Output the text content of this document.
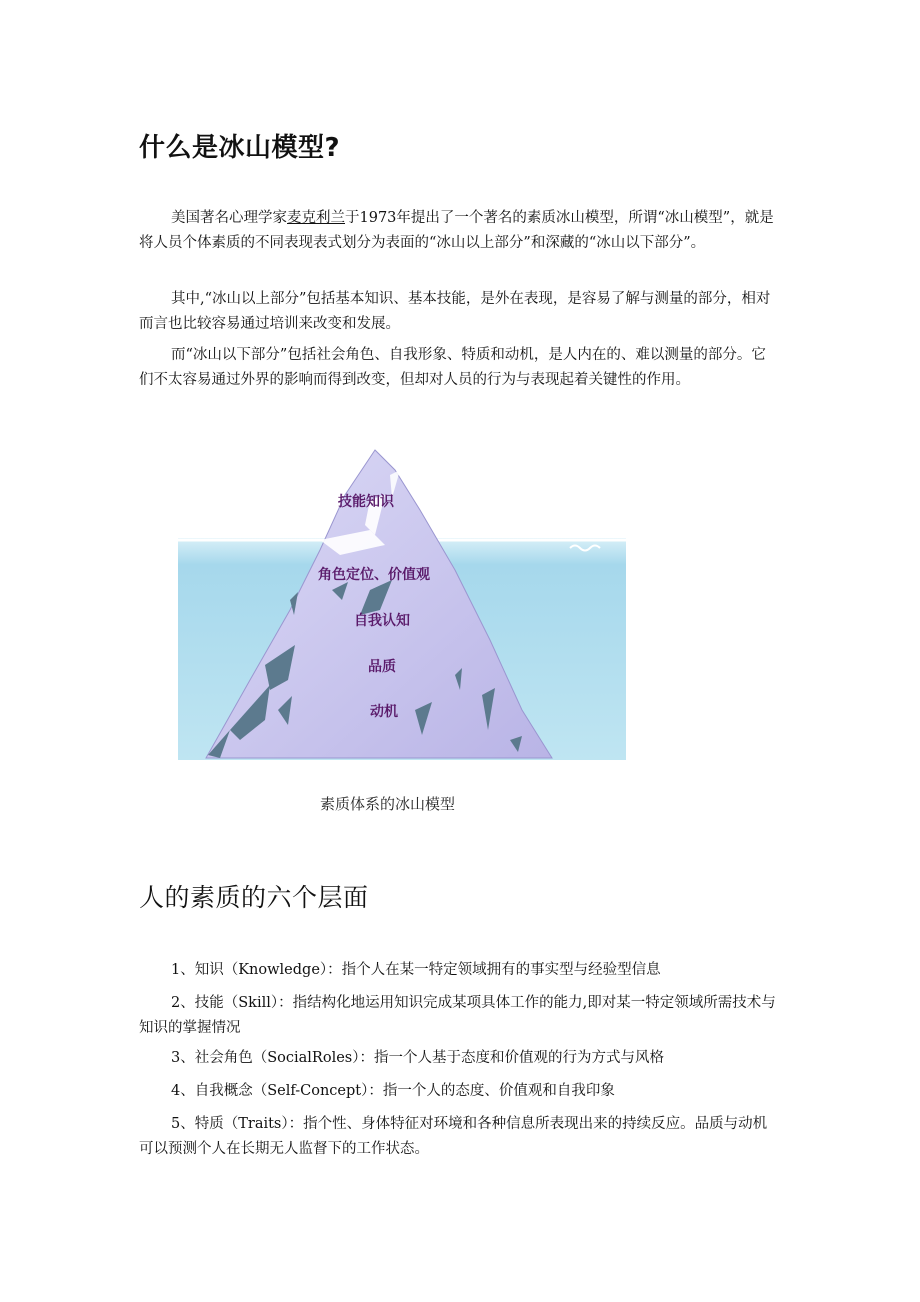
什么是冰山模型?

美国著名心理学家麦克利兰于1973年提出了一个著名的素质冰山模型，所谓“冰山模型”，就是将人员个体素质的不同表现表式划分为表面的“冰山以上部分”和深藏的“冰山以下部分”。

其中,“冰山以上部分”包括基本知识、基本技能，是外在表现，是容易了解与测量的部分，相对而言也比较容易通过培训来改变和发展。

而“冰山以下部分”包括社会角色、自我形象、特质和动机，是人内在的、难以测量的部分。它们不太容易通过外界的影响而得到改变，但却对人员的行为与表现起着关键性的作用。

技能知识
角色定位、价值观
自我认知
品质
动机

素质体系的冰山模型

人的素质的六个层面

1、知识（Knowledge）：指个人在某一特定领域拥有的事实型与经验型信息

2、技能（Skill）：指结构化地运用知识完成某项具体工作的能力,即对某一特定领域所需技术与知识的掌握情况

3、社会角色（SocialRoles）：指一个人基于态度和价值观的行为方式与风格

4、自我概念（Self-Concept）：指一个人的态度、价值观和自我印象

5、特质（Traits）：指个性、身体特征对环境和各种信息所表现出来的持续反应。品质与动机可以预测个人在长期无人监督下的工作状态。
